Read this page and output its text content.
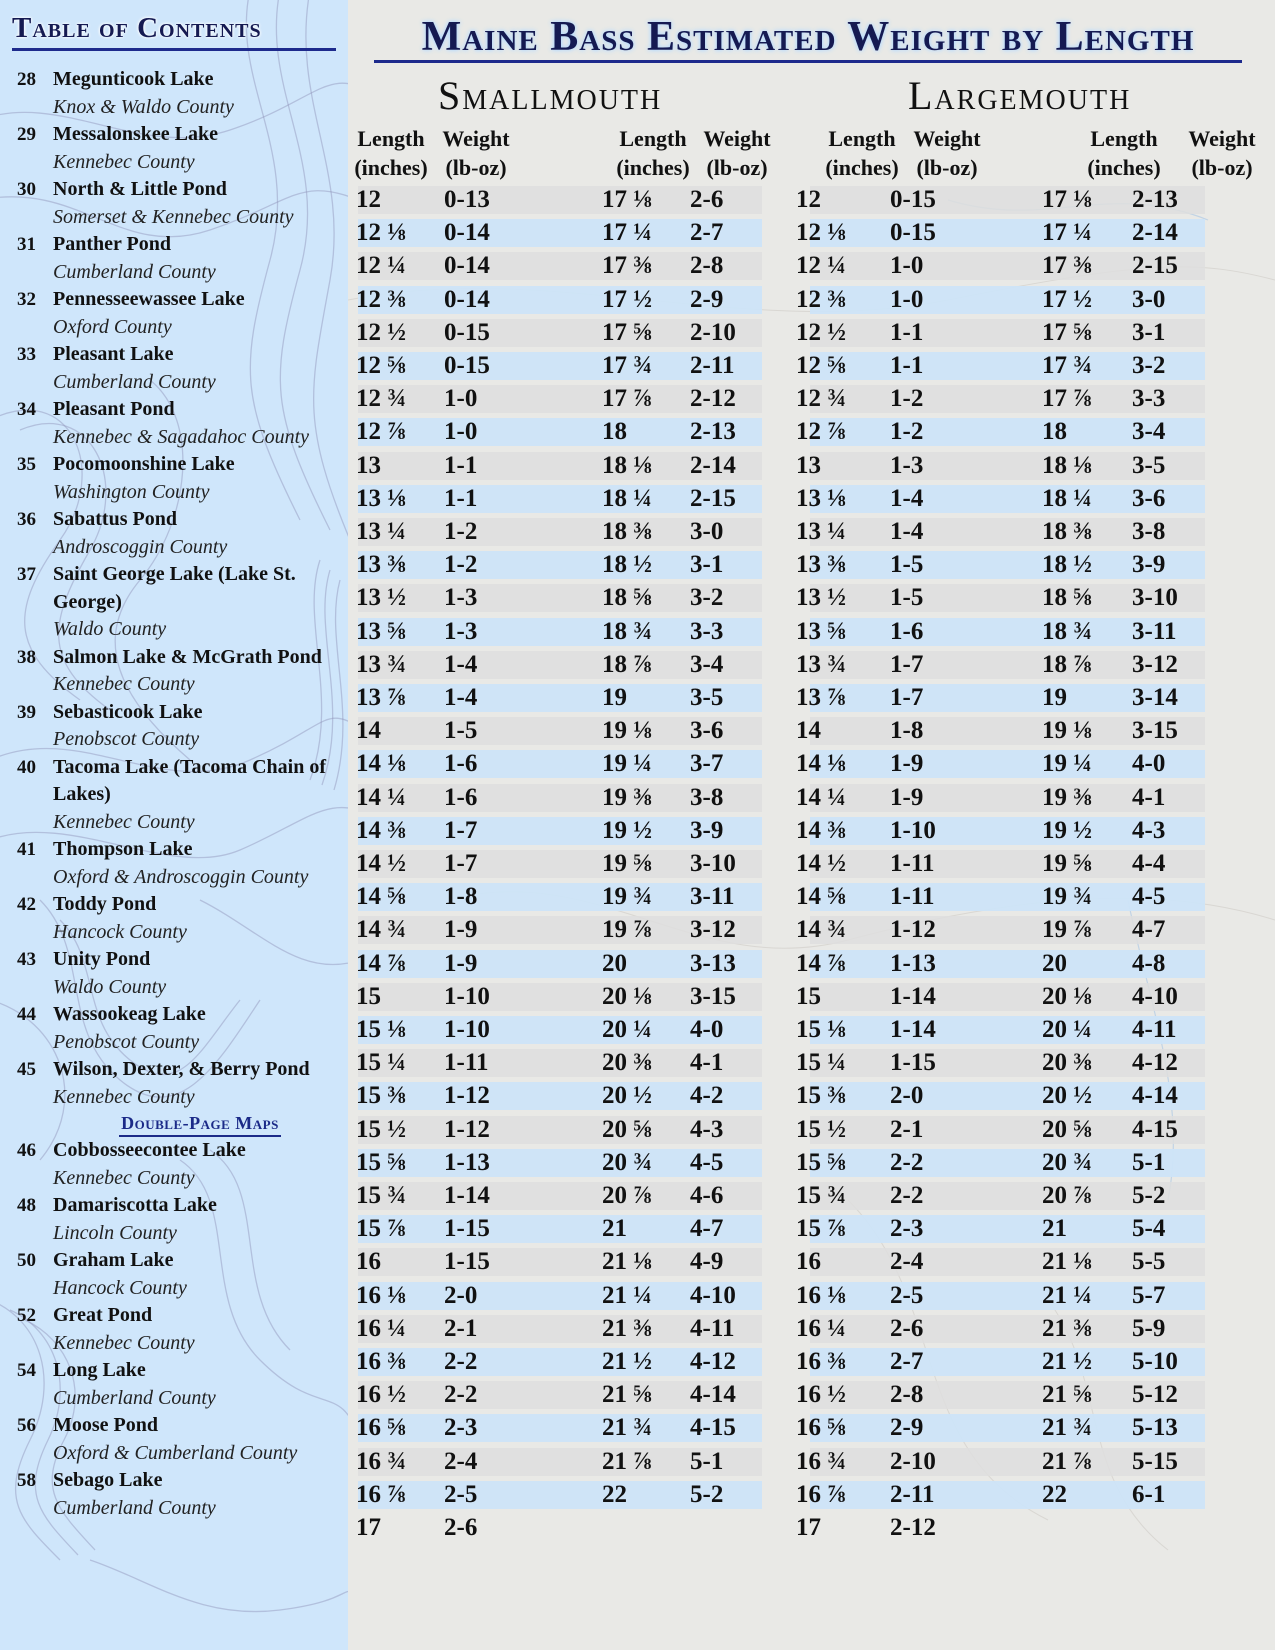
Table of Contents
28 Megunticook Lake
Knox & Waldo County
29 Messalonskee Lake
Kennebec County
30 North & Little Pond
Somerset & Kennebec County
31 Panther Pond
Cumberland County
32 Pennesseewassee Lake
Oxford County
33 Pleasant Lake
Cumberland County
34 Pleasant Pond
Kennebec & Sagadahoc County
35 Pocomoonshine Lake
Washington County
36 Sabattus Pond
Androscoggin County
37 Saint George Lake (Lake St. George)
Waldo County
38 Salmon Lake & McGrath Pond
Kennebec County
39 Sebasticook Lake
Penobscot County
40 Tacoma Lake (Tacoma Chain of Lakes)
Kennebec County
41 Thompson Lake
Oxford & Androscoggin County
42 Toddy Pond
Hancock County
43 Unity Pond
Waldo County
44 Wassookeag Lake
Penobscot County
45 Wilson, Dexter, & Berry Pond
Kennebec County
Double-Page Maps
46 Cobbosseecontee Lake
Kennebec County
48 Damariscotta Lake
Lincoln County
50 Graham Lake
Hancock County
52 Great Pond
Kennebec County
54 Long Lake
Cumberland County
56 Moose Pond
Oxford & Cumberland County
58 Sebago Lake
Cumberland County
Maine Bass Estimated Weight by Length
Smallmouth	Largemouth
Length
(inches)
Weight
(lb-oz)
Length
(inches)
Weight
(lb-oz)
Length
(inches)
Weight
(lb-oz)
Length
(inches)
Weight
(lb-oz)
12	0-13
12 ⅛ 0-14
12 ¼ 0-14
12 ⅜ 0-14
12 ½ 0-15
12 ⅝ 0-15
12 ¾ 1-0
12 ⅞ 1-0
13	1-1
13 ⅛ 1-1
13 ¼ 1-2
13 ⅜ 1-2
13 ½ 1-3
13 ⅝ 1-3
13 ¾ 1-4
13 ⅞ 1-4
14	1-5
14 ⅛ 1-6
14 ¼ 1-6
14 ⅜ 1-7
14 ½ 1-7
14 ⅝ 1-8
14 ¾ 1-9
14 ⅞ 1-9
15	1-10
15 ⅛ 1-10
15 ¼ 1-11
15 ⅜ 1-12
15 ½ 1-12
15 ⅝ 1-13
15 ¾ 1-14
15 ⅞ 1-15
16	1-15
16 ⅛ 2-0
16 ¼ 2-1
16 ⅜ 2-2
16 ½ 2-2
16 ⅝ 2-3
16 ¾ 2-4
16 ⅞ 2-5
17	2-6
17 ⅛ 2-6
17 ¼ 2-7
17 ⅜ 2-8
17 ½ 2-9
17 ⅝ 2-10
17 ¾ 2-11
17 ⅞ 2-12
18	2-13
18 ⅛ 2-14
18 ¼ 2-15
18 ⅜ 3-0
18 ½ 3-1
18 ⅝ 3-2
18 ¾ 3-3
18 ⅞ 3-4
19	3-5
19 ⅛ 3-6
19 ¼ 3-7
19 ⅜ 3-8
19 ½ 3-9
19 ⅝ 3-10
19 ¾ 3-11
19 ⅞ 3-12
20	3-13
20 ⅛ 3-15
20 ¼ 4-0
20 ⅜ 4-1
20 ½ 4-2
20 ⅝ 4-3
20 ¾ 4-5
20 ⅞ 4-6
21	4-7
21 ⅛ 4-9
21 ¼ 4-10
21 ⅜ 4-11
21 ½ 4-12
21 ⅝ 4-14
21 ¾ 4-15
21 ⅞ 5-1
22	5-2
12	0-15
12 ⅛ 0-15
12 ¼ 1-0
12 ⅜ 1-0
12 ½ 1-1
12 ⅝ 1-1
12 ¾ 1-2
12 ⅞ 1-2
13	1-3
13 ⅛ 1-4
13 ¼ 1-4
13 ⅜ 1-5
13 ½ 1-5
13 ⅝ 1-6
13 ¾ 1-7
13 ⅞ 1-7
14	1-8
14 ⅛ 1-9
14 ¼ 1-9
14 ⅜ 1-10
14 ½ 1-11
14 ⅝ 1-11
14 ¾ 1-12
14 ⅞ 1-13
15	1-14
15 ⅛ 1-14
15 ¼ 1-15
15 ⅜ 2-0
15 ½ 2-1
15 ⅝ 2-2
15 ¾ 2-2
15 ⅞ 2-3
16	2-4
16 ⅛ 2-5
16 ¼ 2-6
16 ⅜ 2-7
16 ½ 2-8
16 ⅝ 2-9
16 ¾ 2-10
16 ⅞ 2-11
17	2-12
17 ⅛ 2-13
17 ¼ 2-14
17 ⅜ 2-15
17 ½ 3-0
17 ⅝ 3-1
17 ¾ 3-2
17 ⅞ 3-3
18	3-4
18 ⅛ 3-5
18 ¼ 3-6
18 ⅜ 3-8
18 ½ 3-9
18 ⅝ 3-10
18 ¾ 3-11
18 ⅞ 3-12
19	3-14
19 ⅛ 3-15
19 ¼ 4-0
19 ⅜ 4-1
19 ½ 4-3
19 ⅝ 4-4
19 ¾ 4-5
19 ⅞ 4-7
20	4-8
20 ⅛ 4-10
20 ¼ 4-11
20 ⅜ 4-12
20 ½ 4-14
20 ⅝ 4-15
20 ¾ 5-1
20 ⅞ 5-2
21	5-4
21 ⅛ 5-5
21 ¼ 5-7
21 ⅜ 5-9
21 ½ 5-10
21 ⅝ 5-12
21 ¾ 5-13
21 ⅞ 5-15
22	6-1
